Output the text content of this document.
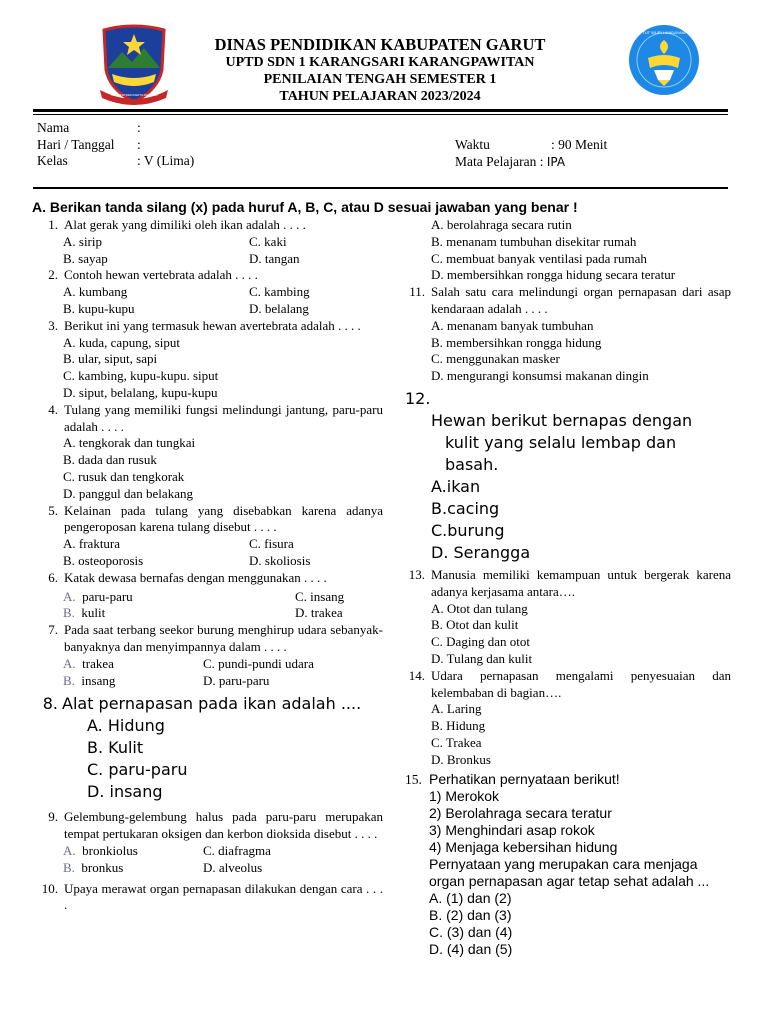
TATA TENTREM KERTA RAHARJA
TUT WURI HANDAYANI
DINAS PENDIDIKAN KABUPATEN GARUT
UPTD SDN 1 KARANGSARI KARANGPAWITAN
PENILAIAN TENGAH SEMESTER 1
TAHUN PELAJARAN 2023/2024
Nama	:
Hari / Tanggal :
Kelas	: V (Lima)
Waktu	: 90 Menit
Mata Pelajaran : IPA
A. Berikan tanda silang (x) pada huruf A, B, C, atau D sesuai jawaban yang benar !
1. Alat gerak yang dimiliki oleh ikan adalah . . . .
A. sirip	C. kaki
B. sayap	D. tangan
2. Contoh hewan vertebrata adalah . . . .
A. kumbang	C. kambing
B. kupu-kupu	D. belalang
3. Berikut ini yang termasuk hewan avertebrata adalah . . . .
A. kuda, capung, siput
B. ular, siput, sapi
C. kambing, kupu-kupu. siput
D. siput, belalang, kupu-kupu
4. Tulang yang memiliki fungsi melindungi jantung, paru-paru adalah . . . .
A. tengkorak dan tungkai
B. dada dan rusuk
C. rusuk dan tengkorak
D. panggul dan belakang
5. Kelainan pada tulang yang disebabkan karena adanya pengeroposan karena tulang disebut . . . .
A. fraktura	C. fisura
B. osteoporosis	D. skoliosis
6. Katak dewasa bernafas dengan menggunakan . . . .
A. paru-paru	C. insang
B. kulit	D. trakea
7. Pada saat terbang seekor burung menghirup udara sebanyak-banyaknya dan menyimpannya dalam . . . .
A. trakea	C. pundi-pundi udara
B. insang	D. paru-paru
8. Alat pernapasan pada ikan adalah ....
A. Hidung
B. Kulit
C. paru-paru
D. insang
9. Gelembung-gelembung halus pada paru-paru merupakan tempat pertukaran oksigen dan kerbon dioksida disebut . . . .
A. bronkiolus	C. diafragma
B. bronkus	D. alveolus
10. Upaya merawat organ pernapasan dilakukan dengan cara . . . .
A. berolahraga secara rutin
B. menanam tumbuhan disekitar rumah
C. membuat banyak ventilasi pada rumah
D. membersihkan rongga hidung secara teratur
11. Salah satu cara melindungi organ pernapasan dari asap kendaraan adalah . . . .
A. menanam banyak tumbuhan
B. membersihkan rongga hidung
C. menggunakan masker
D. mengurangi konsumsi makanan dingin
12.
Hewan berikut bernapas dengan kulit yang selalu lembap dan basah.
A.ikan
B.cacing
C.burung
D. Serangga
13. Manusia memiliki kemampuan untuk bergerak karena adanya kerjasama antara….
A. Otot dan tulang
B. Otot dan kulit
C. Daging dan otot
D. Tulang dan kulit
14. Udara pernapasan mengalami penyesuaian dan kelembaban di bagian….
A. Laring
B. Hidung
C. Trakea
D. Bronkus
15. Perhatikan pernyataan berikut!
1) Merokok
2) Berolahraga secara teratur
3) Menghindari asap rokok
4) Menjaga kebersihan hidung
Pernyataan yang merupakan cara menjaga organ pernapasan agar tetap sehat adalah ...
A. (1) dan (2)
B. (2) dan (3)
C. (3) dan (4)
D. (4) dan (5)
